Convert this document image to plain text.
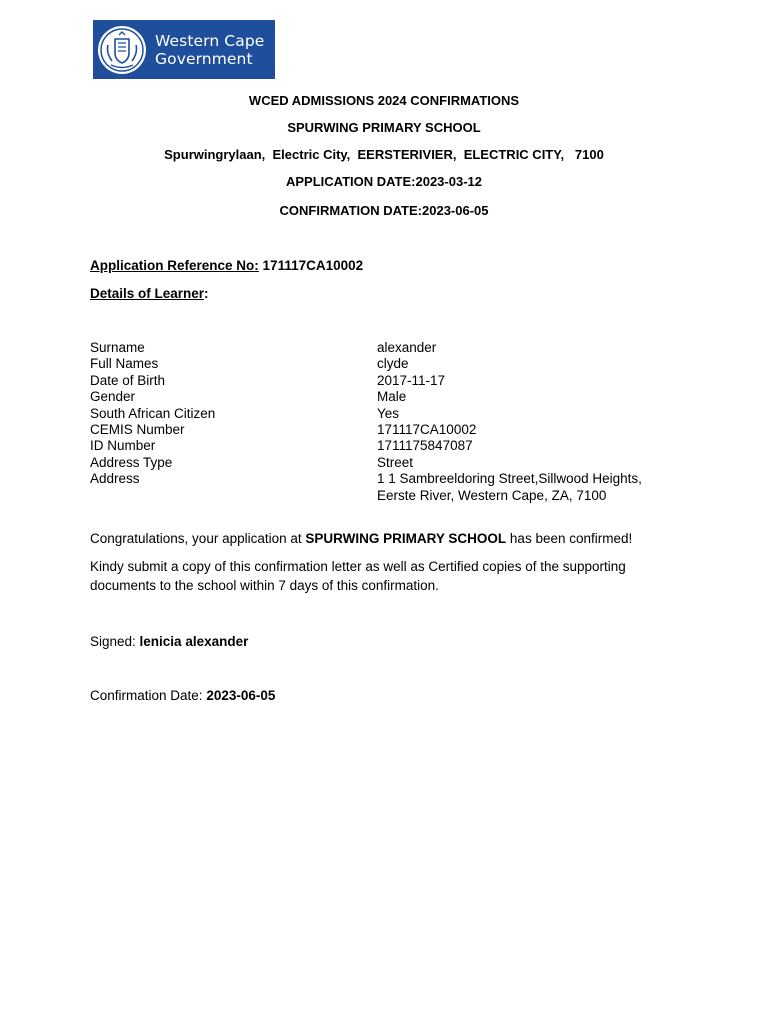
Western Cape
Government
WCED ADMISSIONS 2024 CONFIRMATIONS
SPURWING PRIMARY SCHOOL
Spurwingrylaan,  Electric City,  EERSTERIVIER,  ELECTRIC CITY,   7100
APPLICATION DATE:2023-03-12
CONFIRMATION DATE:2023-06-05
Application Reference No: 171117CA10002
Details of Learner:
Surname	alexander
Full Names	clyde
Date of Birth	2017-11-17
Gender	Male
South African Citizen	Yes
CEMIS Number	171117CA10002
ID Number	1711175847087
Address Type	Street
Address	1 1 Sambreeldoring Street,Sillwood Heights,
Eerste River, Western Cape, ZA, 7100
Congratulations, your application at SPURWING PRIMARY SCHOOL has been confirmed!
Kindy submit a copy of this confirmation letter as well as Certified copies of the supporting documents to the school within 7 days of this confirmation.
Signed: lenicia alexander
Confirmation Date: 2023-06-05
